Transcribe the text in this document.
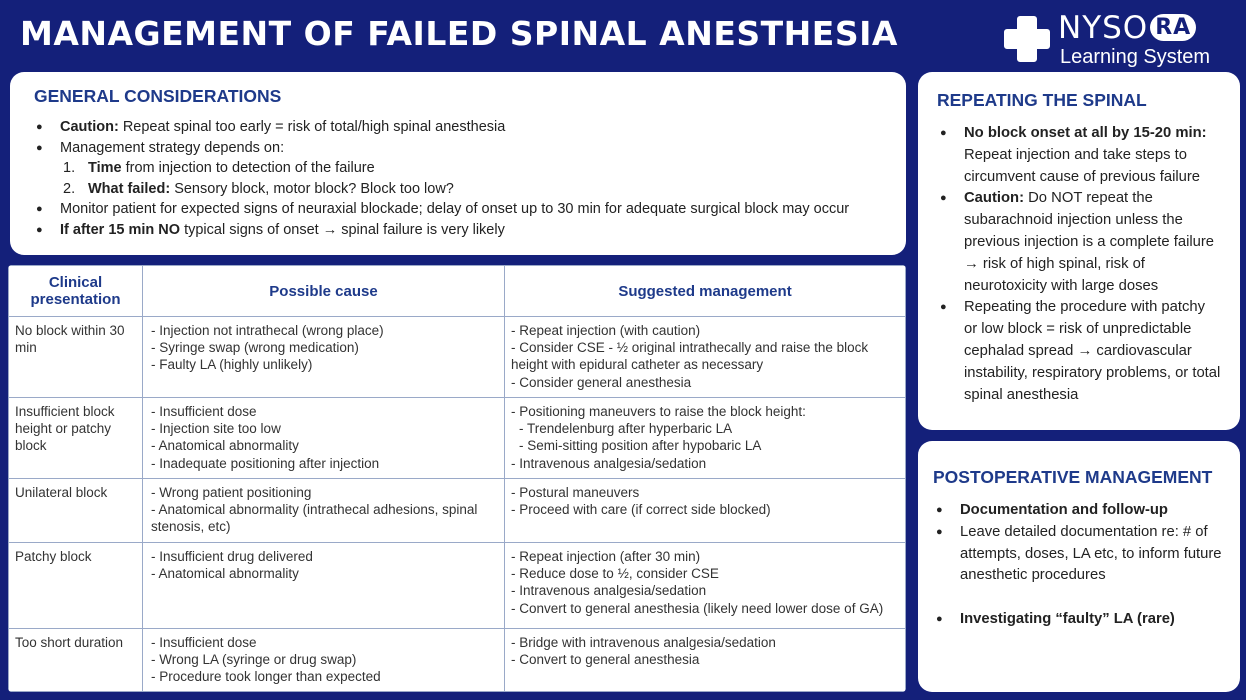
MANAGEMENT OF FAILED SPINAL ANESTHESIA	NYSO RA
Learning System
GENERAL CONSIDERATIONS
● Caution: Repeat spinal too early = risk of total/high spinal anesthesia
● Management strategy depends on:
1. Time from injection to detection of the failure
2. What failed: Sensory block, motor block? Block too low?
● Monitor patient for expected signs of neuraxial blockade; delay of onset up to 30 min for adequate surgical block may occur
● If after 15 min NO typical signs of onset → spinal failure is very likely
Clinical presentation	Possible cause	Suggested management
No block within 30 min	- Injection not intrathecal (wrong place)
- Syringe swap (wrong medication)
- Faulty LA (highly unlikely)	- Repeat injection (with caution)
- Consider CSE - ½ original intrathecally and raise the block height with epidural catheter as necessary
- Consider general anesthesia

Insufficient block height or patchy block	- Insufficient dose
- Injection site too low
- Anatomical abnormality
- Inadequate positioning after injection	- Positioning maneuvers to raise the block height:
- Trendelenburg after hyperbaric LA
- Semi-sitting position after hypobaric LA
- Intravenous analgesia/sedation

Unilateral block	- Wrong patient positioning
- Anatomical abnormality (intrathecal adhesions, spinal stenosis, etc)	- Postural maneuvers
- Proceed with care (if correct side blocked)

Patchy block	- Insufficient drug delivered
- Anatomical abnormality	- Repeat injection (after 30 min)
- Reduce dose to ½, consider CSE
- Intravenous analgesia/sedation
- Convert to general anesthesia (likely need lower dose of GA)

Too short duration	- Insufficient dose
- Wrong LA (syringe or drug swap)
- Procedure took longer than expected	- Bridge with intravenous analgesia/sedation
- Convert to general anesthesia
REPEATING THE SPINAL
● No block onset at all by 15-20 min: Repeat injection and take steps to circumvent cause of previous failure
● Caution: Do NOT repeat the subarachnoid injection unless the previous injection is a complete failure → risk of high spinal, risk of neurotoxicity with large doses
● Repeating the procedure with patchy or low block = risk of unpredictable cephalad spread → cardiovascular instability, respiratory problems, or total spinal anesthesia
POSTOPERATIVE MANAGEMENT
● Documentation and follow-up
● Leave detailed documentation re: # of attempts, doses, LA etc, to inform future anesthetic procedures
● Investigating “faulty” LA (rare)
